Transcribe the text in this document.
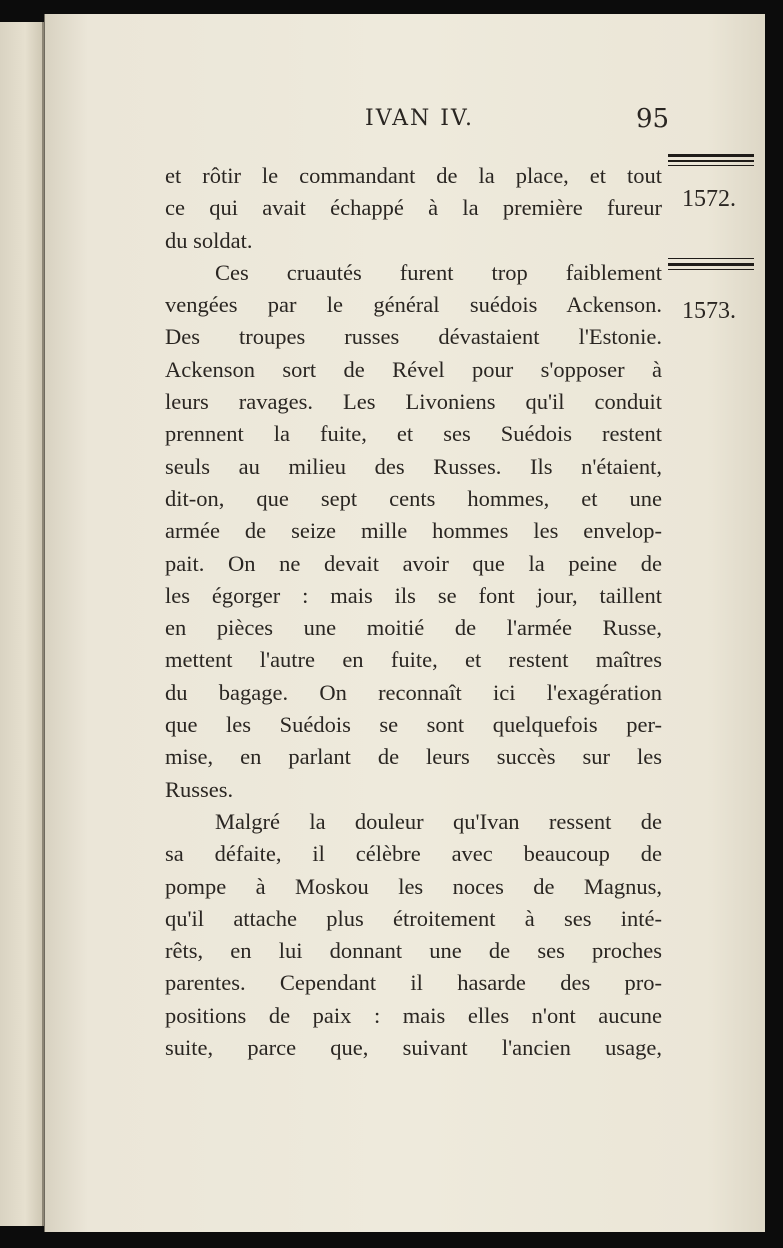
IVAN IV.	95
1572.
1573.
et rôtir le commandant de la place, et tout
ce qui avait échappé à la première fureur
du soldat.
Ces cruautés furent trop faiblement
vengées par le général suédois Ackenson.
Des troupes russes dévastaient l'Estonie.
Ackenson sort de Rével pour s'opposer à
leurs ravages. Les Livoniens qu'il conduit
prennent la fuite, et ses Suédois restent
seuls au milieu des Russes. Ils n'étaient,
dit-on, que sept cents hommes, et une
armée de seize mille hommes les envelop-
pait. On ne devait avoir que la peine de
les égorger : mais ils se font jour, taillent
en pièces une moitié de l'armée Russe,
mettent l'autre en fuite, et restent maîtres
du bagage. On reconnaît ici l'exagération
que les Suédois se sont quelquefois per-
mise, en parlant de leurs succès sur les
Russes.
Malgré la douleur qu'Ivan ressent de
sa défaite, il célèbre avec beaucoup de
pompe à Moskou les noces de Magnus,
qu'il attache plus étroitement à ses inté-
rêts, en lui donnant une de ses proches
parentes. Cependant il hasarde des pro-
positions de paix : mais elles n'ont aucune
suite, parce que, suivant l'ancien usage,
